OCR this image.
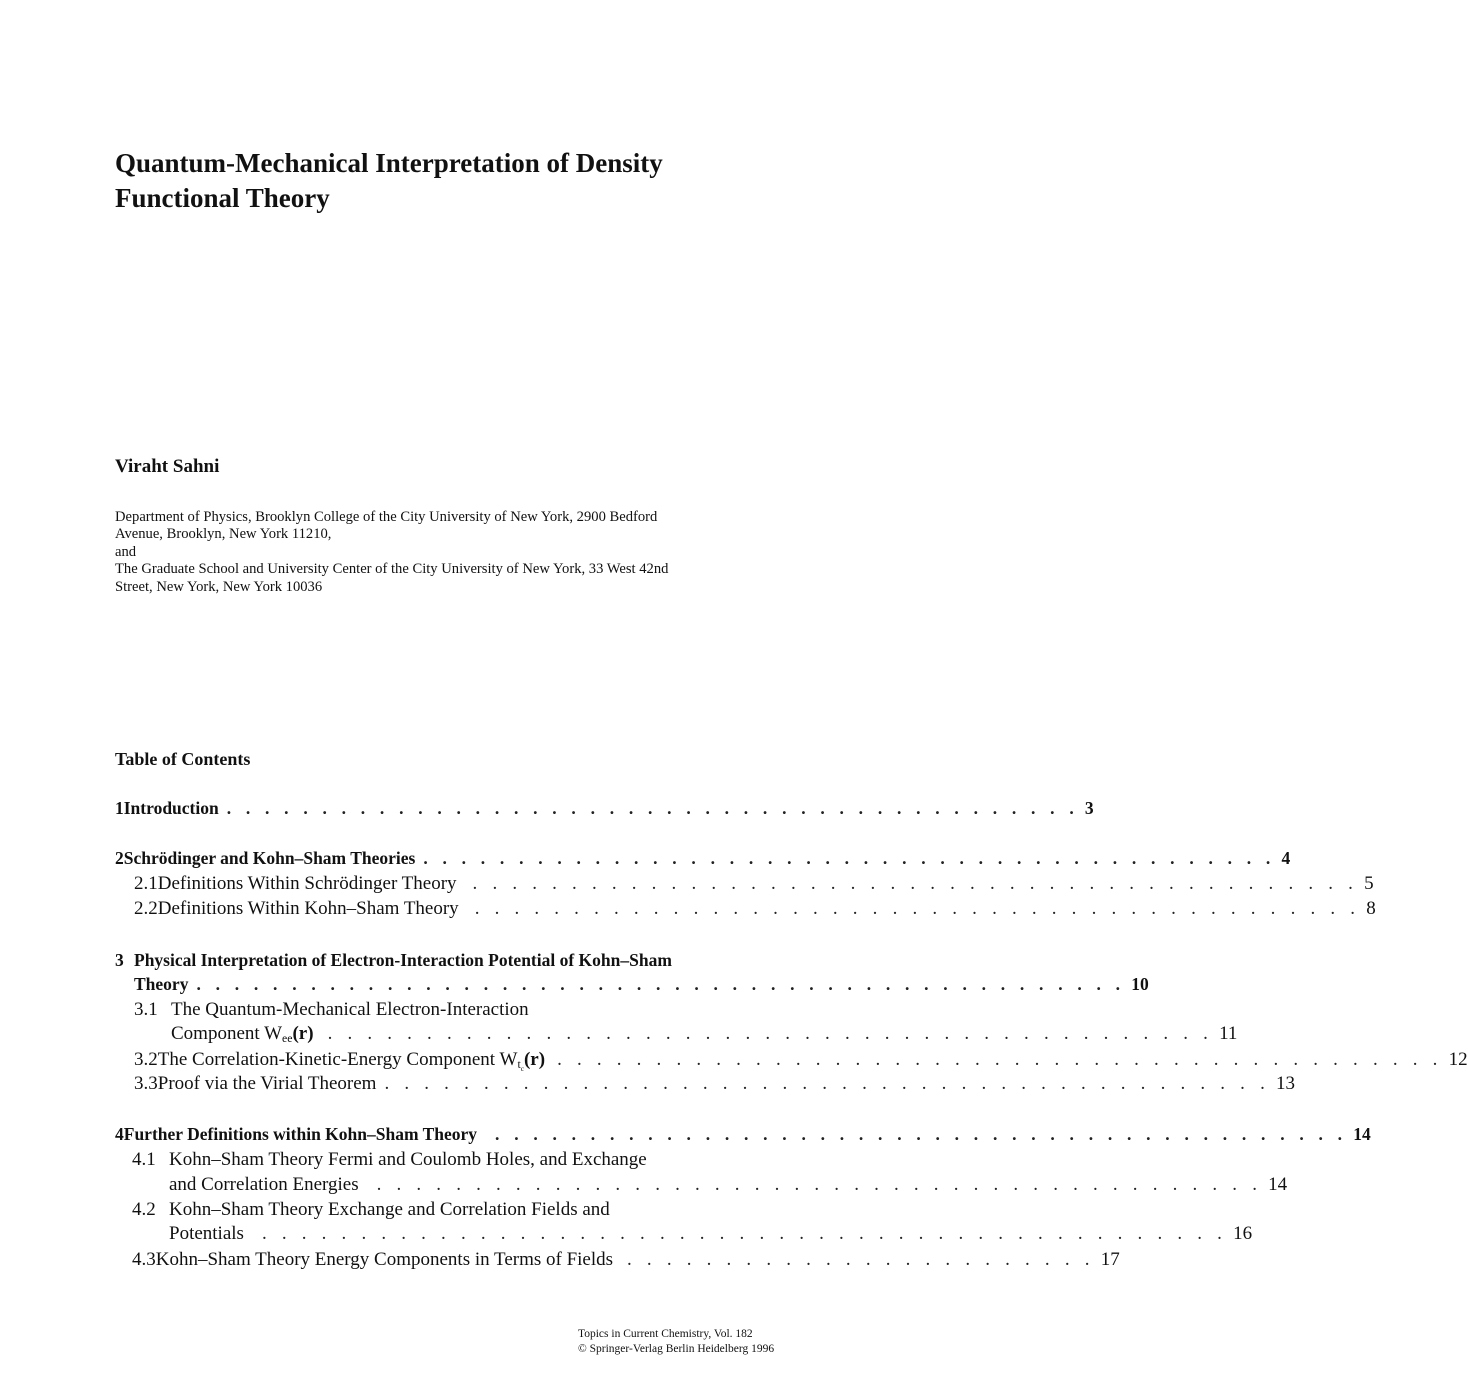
Quantum-Mechanical Interpretation of Density
Functional Theory
Viraht Sahni
Department of Physics, Brooklyn College of the City University of New York, 2900 Bedford
Avenue, Brooklyn, New York 11210,
and
The Graduate School and University Center of the City University of New York, 33 West 42nd
Street, New York, New York 10036
Table of Contents
1 Introduction . . . . . . . . . . . . . . . . . . . . . . . . . . . . . . . . . . . . . . . . . . . . . 3
2 Schrödinger and Kohn–Sham Theories . . . . . . . . . . . . . . . . . . . . . . . . . . . . . . . . . . . . . . . . . . . . . 4
2.1 Definitions Within Schrödinger Theory . . . . . . . . . . . . . . . . . . . . . . . . . . . . . . . . . . . . . . . . . . . . . 5
2.2 Definitions Within Kohn–Sham Theory . . . . . . . . . . . . . . . . . . . . . . . . . . . . . . . . . . . . . . . . . . . . . 8
3 Physical Interpretation of Electron-Interaction Potential of Kohn–Sham
Theory . . . . . . . . . . . . . . . . . . . . . . . . . . . . . . . . . . . . . . . . . . . . . . . . . 10
3.1 The Quantum-Mechanical Electron-Interaction
Component $W_{ee}(r)$ . . . . . . . . . . . . . . . . . . . . . . . . . . . . . . . . . . . . . . . . . . . . . 11
3.2 The Correlation-Kinetic-Energy Component $W_{t_c}(r)$ . . . . . . . . . . . . . . . . . . . . . . . . . . . . . . . . . . . . . . . . . . . . . 12
3.3 Proof via the Virial Theorem . . . . . . . . . . . . . . . . . . . . . . . . . . . . . . . . . . . . . . . . . . . . . 13
4 Further Definitions within Kohn–Sham Theory . . . . . . . . . . . . . . . . . . . . . . . . . . . . . . . . . . . . . . . . . . . . . 14
4.1 Kohn–Sham Theory Fermi and Coulomb Holes, and Exchange
and Correlation Energies . . . . . . . . . . . . . . . . . . . . . . . . . . . . . . . . . . . . . . . . . . . . . 14
4.2 Kohn–Sham Theory Exchange and Correlation Fields and
Potentials . . . . . . . . . . . . . . . . . . . . . . . . . . . . . . . . . . . . . . . . . . . . . . . . . 16
4.3 Kohn–Sham Theory Energy Components in Terms of Fields . . . . . . . . . . . . . . . . . . . . . . . . 17
Topics in Current Chemistry, Vol. 182
© Springer-Verlag Berlin Heidelberg 1996
